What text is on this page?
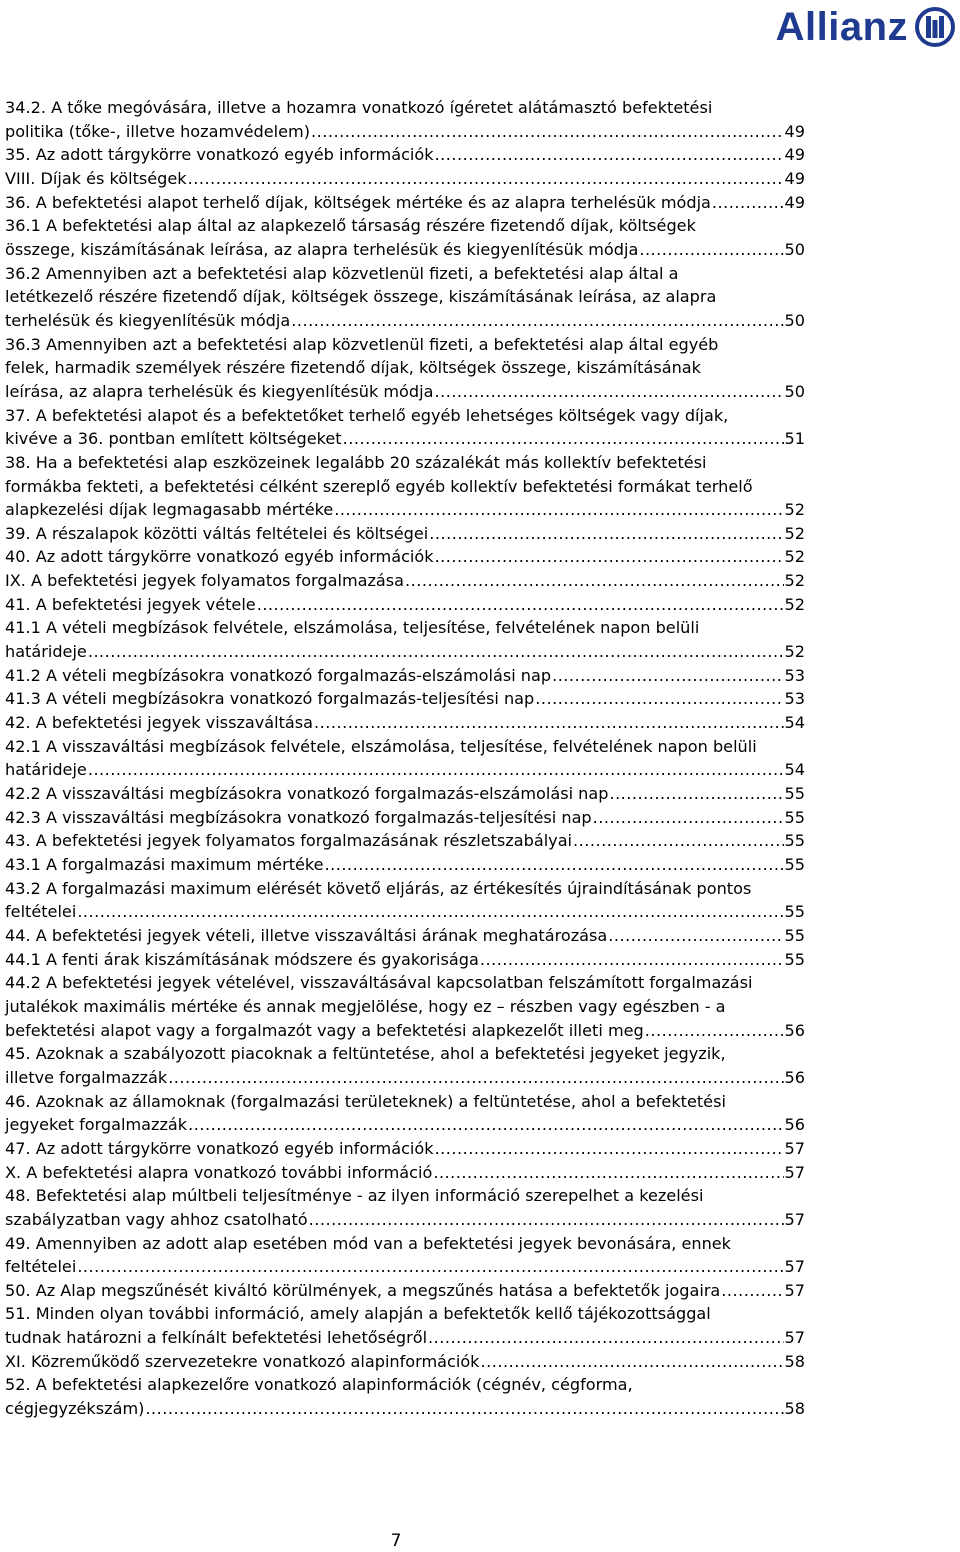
Allianz
34.2. A tőke megóvására, illetve a hozamra vonatkozó ígéretet alátámasztó befektetési
politika (tőke-, illetve hozamvédelem) .....	49
35. Az adott tárgykörre vonatkozó egyéb információk .....	49
VIII. Díjak és költségek .....	49
36. A befektetési alapot terhelő díjak, költségek mértéke és az alapra terhelésük módja .....	49
36.1 A befektetési alap által az alapkezelő társaság részére fizetendő díjak, költségek
összege, kiszámításának leírása, az alapra terhelésük és kiegyenlítésük módja .....	50
36.2 Amennyiben azt a befektetési alap közvetlenül fizeti, a befektetési alap által a
letétkezelő részére fizetendő díjak, költségek összege, kiszámításának leírása, az alapra
terhelésük és kiegyenlítésük módja .....	50
36.3 Amennyiben azt a befektetési alap közvetlenül fizeti, a befektetési alap által egyéb
felek, harmadik személyek részére fizetendő díjak, költségek összege, kiszámításának
leírása, az alapra terhelésük és kiegyenlítésük módja .....	50
37. A befektetési alapot és a befektetőket terhelő egyéb lehetséges költségek vagy díjak,
kivéve a 36. pontban említett költségeket .....	51
38. Ha a befektetési alap eszközeinek legalább 20 százalékát más kollektív befektetési
formákba fekteti, a befektetési célként szereplő egyéb kollektív befektetési formákat terhelő
alapkezelési díjak legmagasabb mértéke .....	52
39. A részalapok közötti váltás feltételei és költségei .....	52
40. Az adott tárgykörre vonatkozó egyéb információk .....	52
IX. A befektetési jegyek folyamatos forgalmazása .....	52
41. A befektetési jegyek vétele .....	52
41.1 A vételi megbízások felvétele, elszámolása, teljesítése, felvételének napon belüli
határideje .....	52
41.2 A vételi megbízásokra vonatkozó forgalmazás-elszámolási nap .....	53
41.3 A vételi megbízásokra vonatkozó forgalmazás-teljesítési nap .....	53
42. A befektetési jegyek visszaváltása .....	54
42.1 A visszaváltási megbízások felvétele, elszámolása, teljesítése, felvételének napon belüli
határideje .....	54
42.2 A visszaváltási megbízásokra vonatkozó forgalmazás-elszámolási nap .....	55
42.3 A visszaváltási megbízásokra vonatkozó forgalmazás-teljesítési nap .....	55
43. A befektetési jegyek folyamatos forgalmazásának részletszabályai .....	55
43.1 A forgalmazási maximum mértéke .....	55
43.2 A forgalmazási maximum elérését követő eljárás, az értékesítés újraindításának pontos
feltételei .....	55
44. A befektetési jegyek vételi, illetve visszaváltási árának meghatározása .....	55
44.1 A fenti árak kiszámításának módszere és gyakorisága .....	55
44.2 A befektetési jegyek vételével, visszaváltásával kapcsolatban felszámított forgalmazási
jutalékok maximális mértéke és annak megjelölése, hogy ez – részben vagy egészben - a
befektetési alapot vagy a forgalmazót vagy a befektetési alapkezelőt illeti meg .....	56
45. Azoknak a szabályozott piacoknak a feltüntetése, ahol a befektetési jegyeket jegyzik,
illetve forgalmazzák .....	56
46. Azoknak az államoknak (forgalmazási területeknek) a feltüntetése, ahol a befektetési
jegyeket forgalmazzák .....	56
47. Az adott tárgykörre vonatkozó egyéb információk .....	57
X. A befektetési alapra vonatkozó további információ .....	57
48. Befektetési alap múltbeli teljesítménye - az ilyen információ szerepelhet a kezelési
szabályzatban vagy ahhoz csatolható .....	57
49. Amennyiben az adott alap esetében mód van a befektetési jegyek bevonására, ennek
feltételei .....	57
50. Az Alap megszűnését kiváltó körülmények, a megszűnés hatása a befektetők jogaira .....	57
51. Minden olyan további információ, amely alapján a befektetők kellő tájékozottsággal
tudnak határozni a felkínált befektetési lehetőségről .....	57
XI. Közreműködő szervezetekre vonatkozó alapinformációk .....	58
52. A befektetési alapkezelőre vonatkozó alapinformációk (cégnév, cégforma,
cégjegyzékszám) .....	58
7
